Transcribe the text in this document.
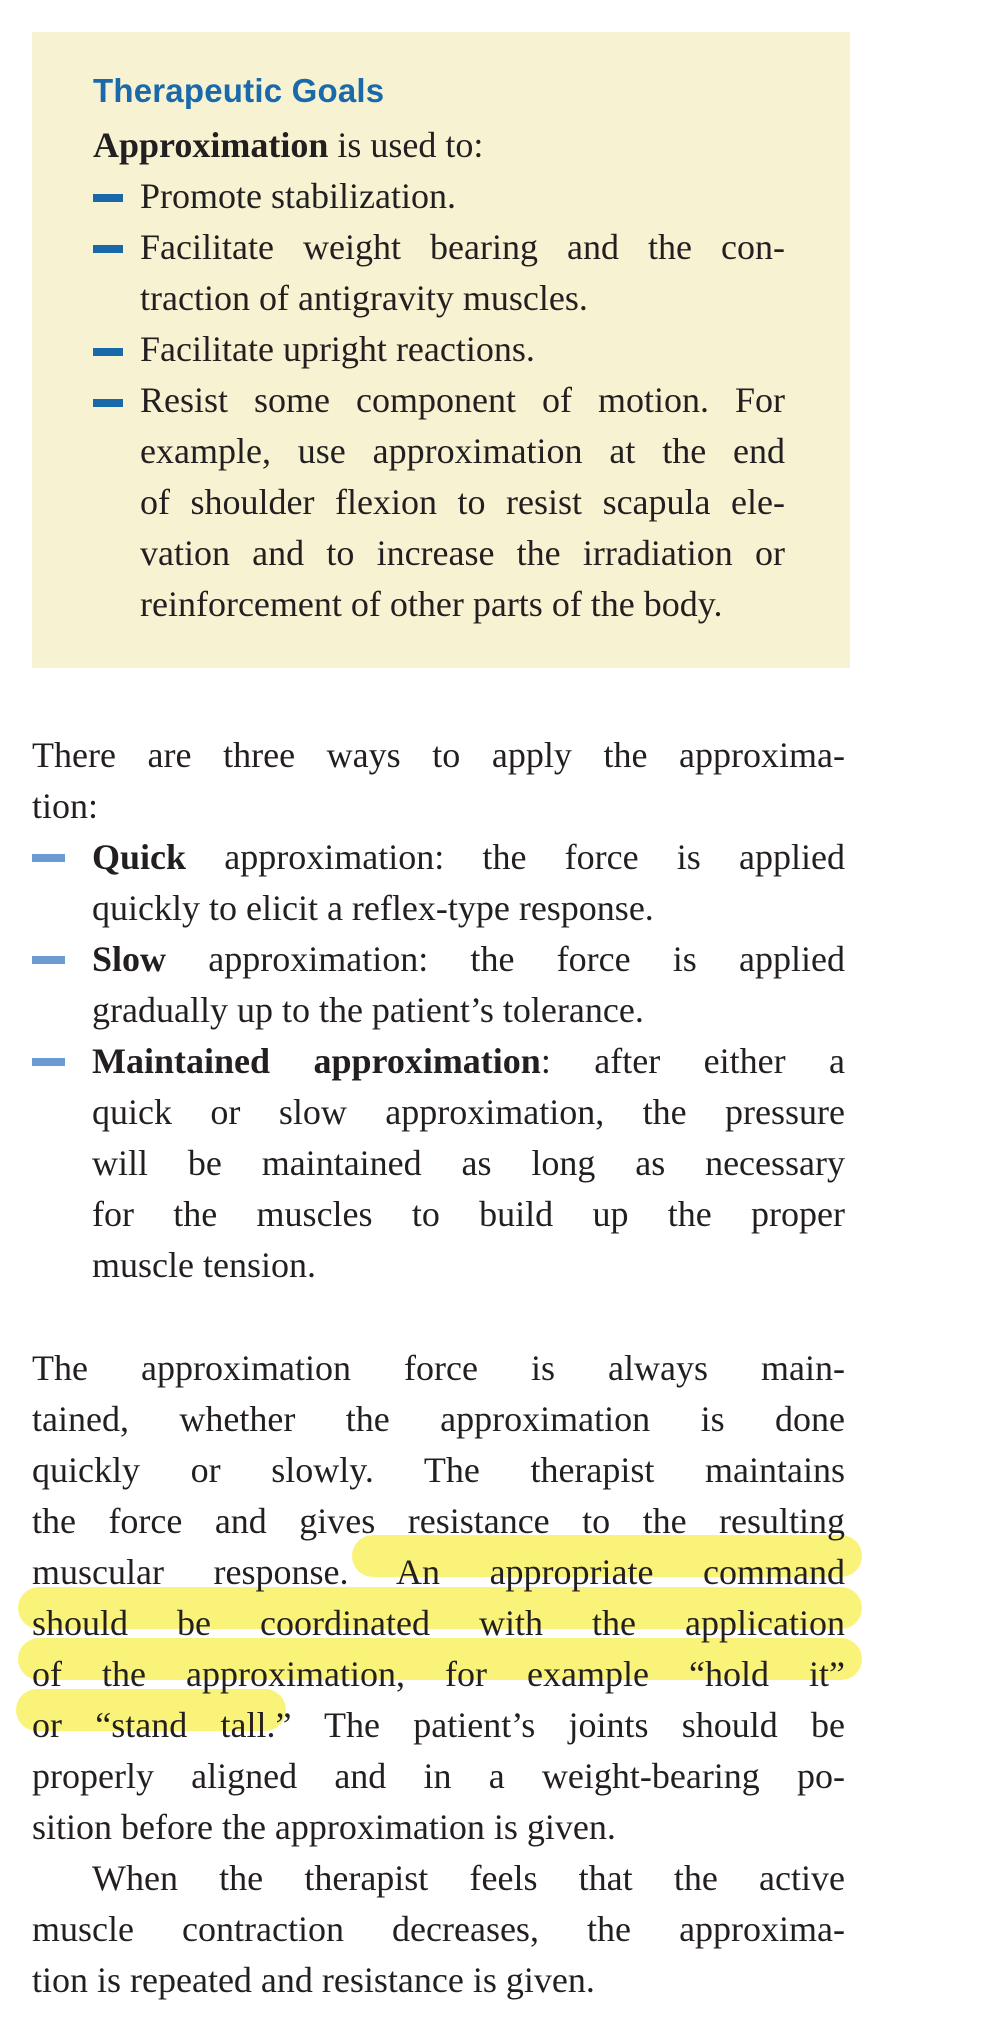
Therapeutic Goals
Approximation is used to:
Promote stabilization.
Facilitate weight bearing and the con-
traction of antigravity muscles.
Facilitate upright reactions.
Resist some component of motion. For
example, use approximation at the end
of shoulder flexion to resist scapula ele-
vation and to increase the irradiation or
reinforcement of other parts of the body.
There are three ways to apply the approxima-
tion:
Quick approximation: the force is applied
quickly to elicit a reflex-type response.
Slow approximation: the force is applied
gradually up to the patient’s tolerance.
Maintained approximation: after either a
quick or slow approximation, the pressure
will be maintained as long as necessary
for the muscles to build up the proper
muscle tension.
The approximation force is always main-
tained, whether the approximation is done
quickly or slowly. The therapist maintains
the force and gives resistance to the resulting
muscular response. An appropriate command
should be coordinated with the application
of the approximation, for example “hold it”
or “stand tall.” The patient’s joints should be
properly aligned and in a weight-bearing po-
sition before the approximation is given.
When the therapist feels that the active
muscle contraction decreases, the approxima-
tion is repeated and resistance is given.
